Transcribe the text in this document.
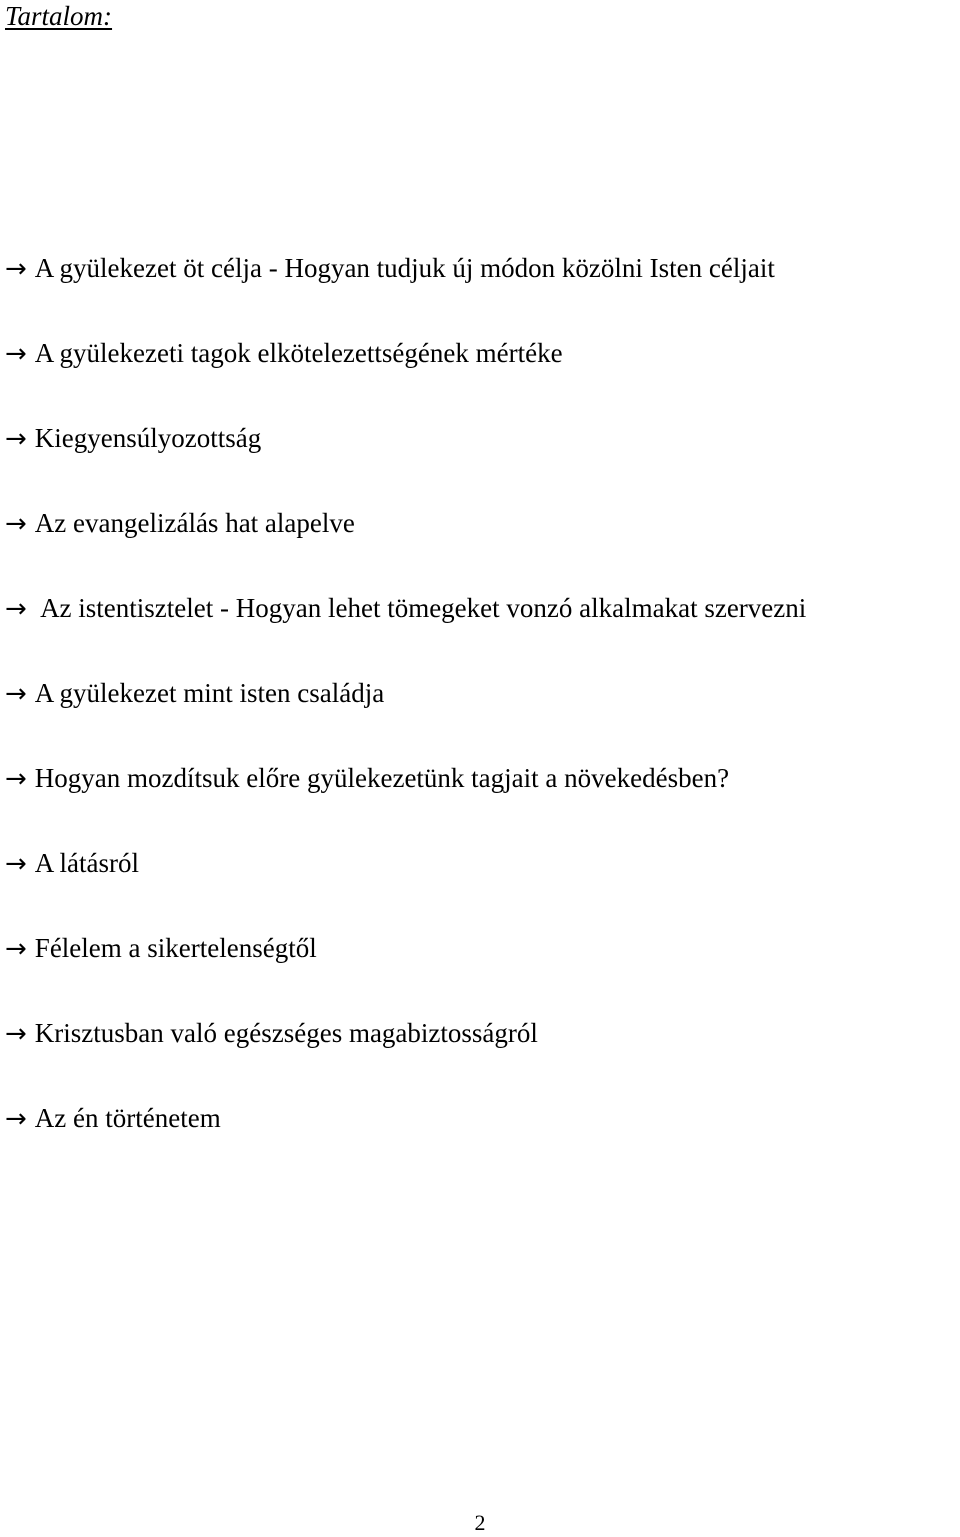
Tartalom:
→ A gyülekezet öt célja - Hogyan tudjuk új módon közölni Isten céljait
→ A gyülekezeti tagok elkötelezettségének mértéke
→ Kiegyensúlyozottság
→ Az evangelizálás hat alapelve
→ Az istentisztelet - Hogyan lehet tömegeket vonzó alkalmakat szervezni
→ A gyülekezet mint isten családja
→ Hogyan mozdítsuk előre gyülekezetünk tagjait a növekedésben?
→ A látásról
→ Félelem a sikertelenségtől
→ Krisztusban való egészséges magabiztosságról
→ Az én történetem
2
